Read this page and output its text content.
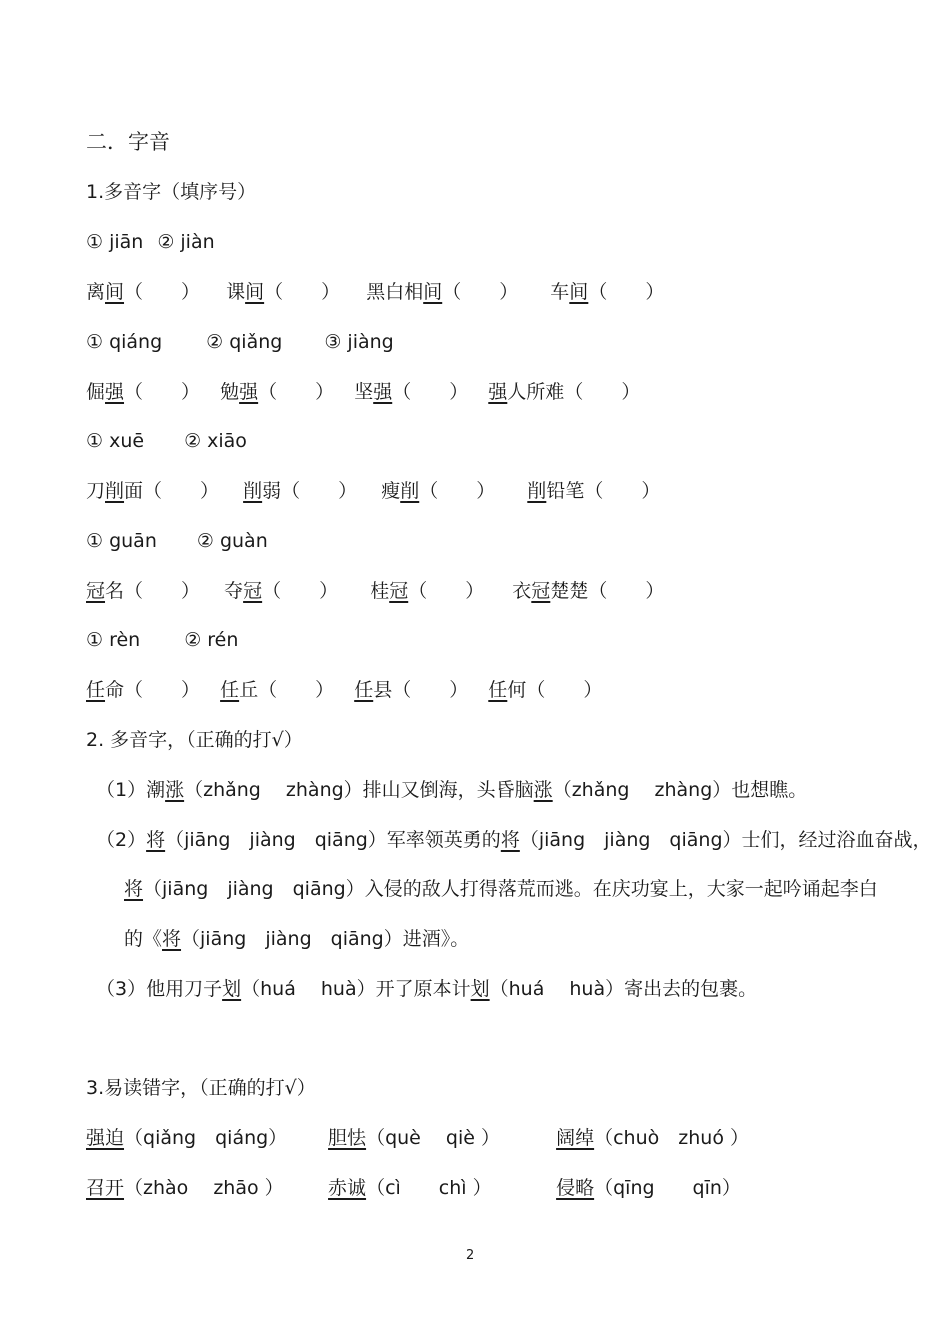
二．字音
1.多音字（填序号）
① jiān ② jiàn
离间（　　） 课间（　　） 黑白相间（　　） 车间（　　）
① qiáng ② qiǎng ③ jiàng
倔强（　　） 勉强（　　） 坚强（　　） 强人所难（　　）
① xuē ② xiāo
刀削面（　　） 削弱（　　） 瘦削（　　） 削铅笔（　　）
① guān ② guàn
冠名（　　） 夺冠（　　） 桂冠（　　） 衣冠楚楚（　　）
① rèn ② rén
任命（　　） 任丘（　　） 任县（　　） 任何（　　）
2. 多音字，（正确的打√）
（1）潮涨（zhǎng　 zhàng）排山又倒海，头昏脑涨（zhǎng　 zhàng）也想瞧。
（2）将（jiāng　jiàng　qiāng）军率领英勇的将（jiāng　jiàng　qiāng）士们，经过浴血奋战，
将（jiāng　jiàng　qiāng）入侵的敌人打得落荒而逃。在庆功宴上，大家一起吟诵起李白
的《将（jiāng　jiàng　qiāng）进酒》。
（3）他用刀子划（huá　 huà）开了原本计划（huá　 huà）寄出去的包裹。
3.易读错字，（正确的打√）
强迫（qiǎng　qiáng） 胆怯（què　 qiè ）	阔绰（chuò　zhuó ）
召开（zhào　 zhāo ） 赤诚（cì　　chì ）	侵略（qīng　　qīn）
2
